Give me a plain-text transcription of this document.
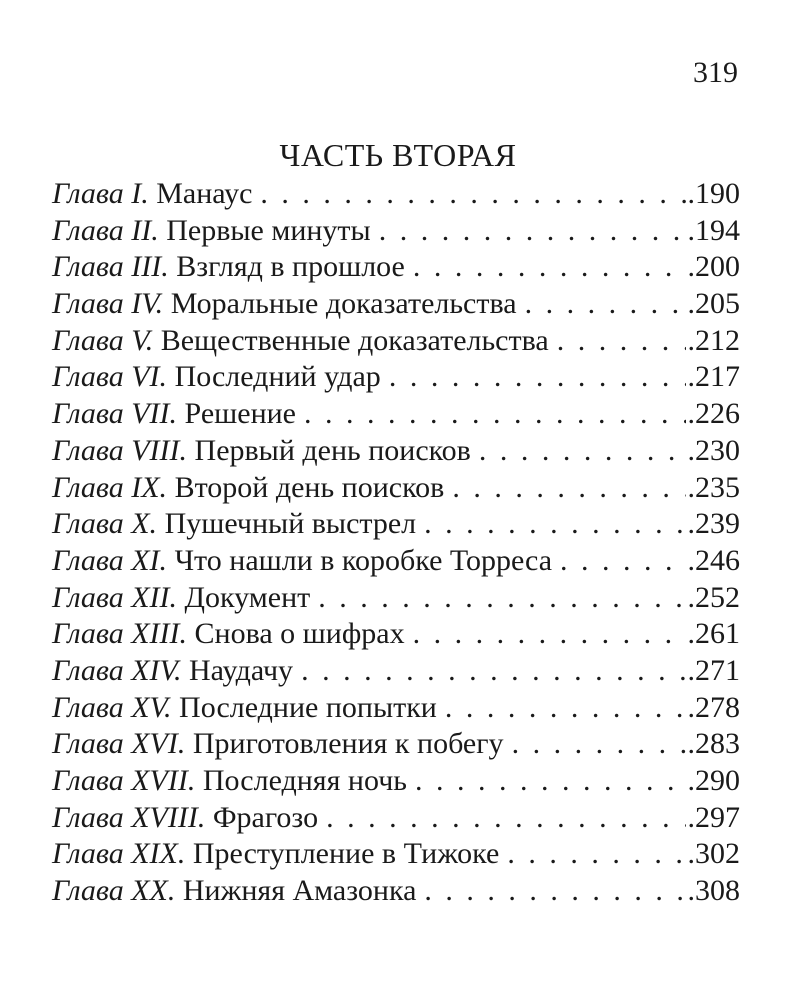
319
ЧАСТЬ ВТОРАЯ
Глава I. Манаус . . .	.190
Глава II. Первые минуты . . .	.194
Глава III. Взгляд в прошлое . . .	.200
Глава IV. Моральные доказательства . . .	.205
Глава V. Вещественные доказательства . . .	.212
Глава VI. Последний удар . . .	.217
Глава VII. Решение . . .	.226
Глава VIII. Первый день поисков . . .	.230
Глава IX. Второй день поисков . . .	.235
Глава X. Пушечный выстрел . . .	.239
Глава XI. Что нашли в коробке Торреса . . .	.246
Глава XII. Документ . . .	.252
Глава XIII. Снова о шифрах . . .	.261
Глава XIV. Наудачу . . .	.271
Глава XV. Последние попытки . . .	.278
Глава XVI. Приготовления к побегу . . .	.283
Глава XVII. Последняя ночь . . .	.290
Глава XVIII. Фрагозо . . .	.297
Глава XIX. Преступление в Тижоке . . .	.302
Глава XX. Нижняя Амазонка . . .	.308
